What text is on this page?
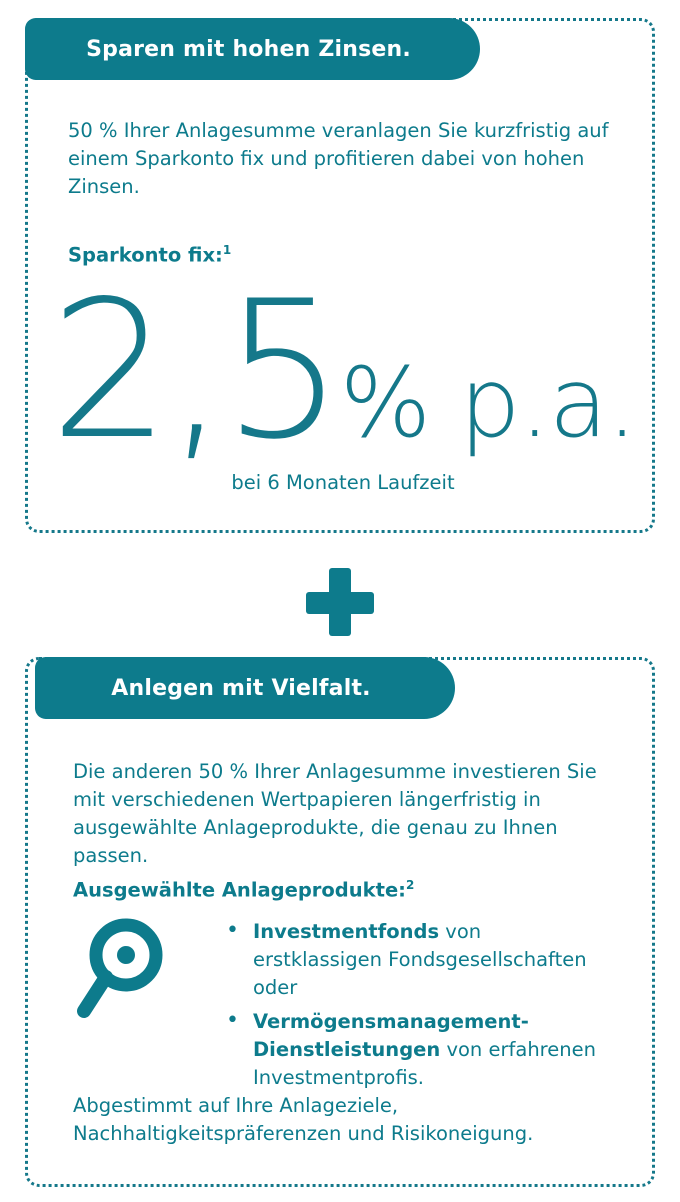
Sparen mit hohen Zinsen.
50 % Ihrer Anlagesumme veranlagen Sie kurzfristig auf einem Sparkonto fix und profitieren dabei von hohen Zinsen.
Sparkonto fix:$^1$
2,5% p.a.
bei 6 Monaten Laufzeit
Anlegen mit Vielfalt.
Die anderen 50 % Ihrer Anlagesumme investieren Sie mit verschiedenen Wertpapieren längerfristig in ausgewählte Anlageprodukte, die genau zu Ihnen passen.
Ausgewählte Anlageprodukte:$^2$
• Investmentfonds von erstklassigen Fondsgesellschaften oder
• Vermögensmanagement-Dienstleistungen von erfahrenen Investmentprofis.
Abgestimmt auf Ihre Anlageziele, Nachhaltigkeitspräferenzen und Risikoneigung.
